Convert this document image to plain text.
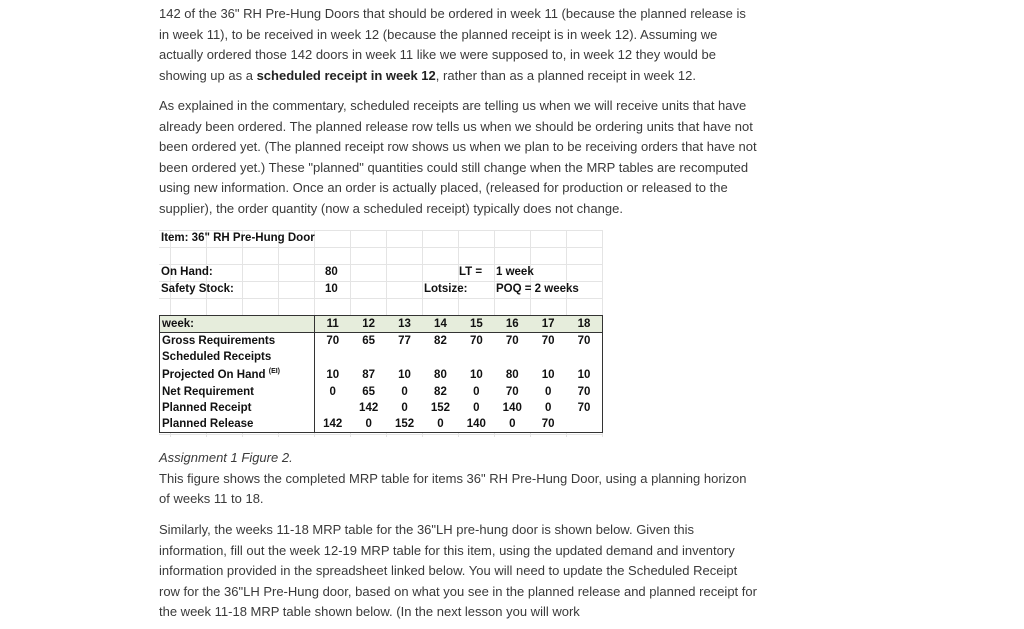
142 of the 36" RH Pre-Hung Doors that should be ordered in week 11 (because the planned release is in week 11), to be received in week 12 (because the planned receipt is in week 12). Assuming we actually ordered those 142 doors in week 11 like we were supposed to, in week 12 they would be showing up as a scheduled receipt in week 12, rather than as a planned receipt in week 12.
As explained in the commentary, scheduled receipts are telling us when we will receive units that have already been ordered. The planned release row tells us when we should be ordering units that have not been ordered yet. (The planned receipt row shows us when we plan to be receiving orders that have not been ordered yet.) These "planned" quantities could still change when the MRP tables are recomputed using new information. Once an order is actually placed, (released for production or released to the supplier), the order quantity (now a scheduled receipt) typically does not change.
Item: 36" RH Pre-Hung Door
On Hand:	80
Safety Stock:	10
LT = 1 week
Lotsize: POQ = 2 weeks
week:	11	12	13	14	15	16	17	18
Gross Requirements	70	65	77	82	70	70	70	70
Scheduled Receipts								
Projected On Hand $^{(EI)}$	10	87	10	80	10	80	10	10
Net Requirement	0	65	0	82	0	70	0	70
Planned Receipt		142	0	152	0	140	0	70
Planned Release	142	0	152	0	140	0	70	
Assignment 1 Figure 2.
This figure shows the completed MRP table for items 36" RH Pre-Hung Door, using a planning horizon of weeks 11 to 18.
Similarly, the weeks 11-18 MRP table for the 36"LH pre-hung door is shown below. Given this information, fill out the week 12-19 MRP table for this item, using the updated demand and inventory information provided in the spreadsheet linked below. You will need to update the Scheduled Receipt row for the 36"LH Pre-Hung door, based on what you see in the planned release and planned receipt for the week 11-18 MRP table shown below. (In the next lesson you will work
